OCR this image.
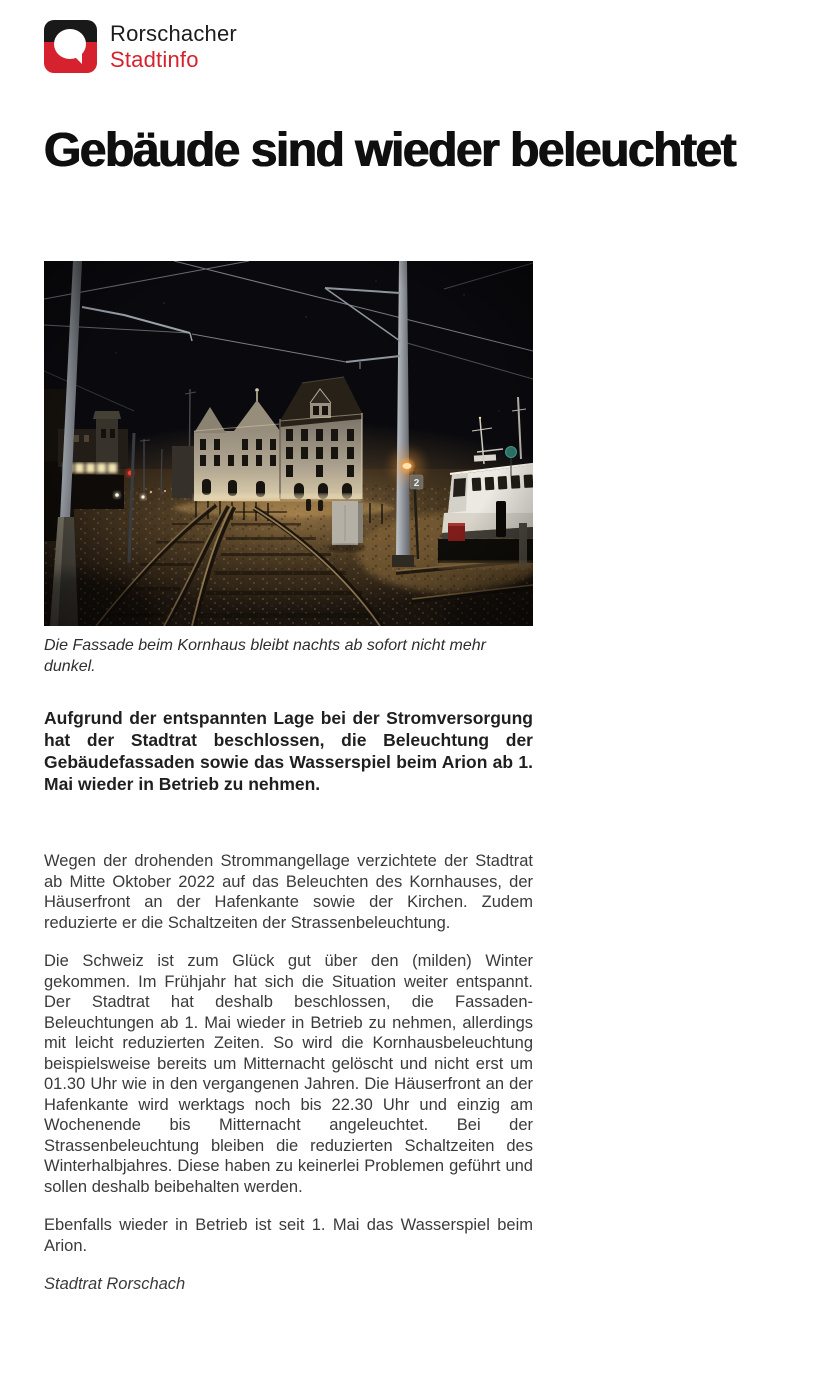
Rorschacher
Stadtinfo
Gebäude sind wieder beleuchtet
Die Fassade beim Kornhaus bleibt nachts ab sofort nicht mehr dunkel.

Aufgrund der entspannten Lage bei der Stromversorgung hat der Stadtrat beschlossen, die Beleuchtung der Gebäudefassaden sowie das Wasserspiel beim Arion ab 1. Mai wieder in Betrieb zu nehmen.

Wegen der drohenden Strommangellage verzichtete der Stadtrat ab Mitte Oktober 2022 auf das Beleuchten des Kornhauses, der Häuserfront an der Hafenkante sowie der Kirchen. Zudem reduzierte er die Schaltzeiten der Strassenbeleuchtung.

Die Schweiz ist zum Glück gut über den (milden) Winter gekommen. Im Frühjahr hat sich die Situation weiter entspannt. Der Stadtrat hat deshalb beschlossen, die Fassaden-Beleuchtungen ab 1. Mai wieder in Betrieb zu nehmen, allerdings mit leicht reduzierten Zeiten. So wird die Kornhausbeleuchtung beispielsweise bereits um Mitternacht gelöscht und nicht erst um 01.30 Uhr wie in den vergangenen Jahren. Die Häuserfront an der Hafenkante wird werktags noch bis 22.30 Uhr und einzig am Wochenende bis Mitternacht angeleuchtet. Bei der Strassenbeleuchtung bleiben die reduzierten Schaltzeiten des Winterhalbjahres. Diese haben zu keinerlei Problemen geführt und sollen deshalb beibehalten werden.

Ebenfalls wieder in Betrieb ist seit 1. Mai das Wasserspiel beim Arion.

Stadtrat Rorschach
